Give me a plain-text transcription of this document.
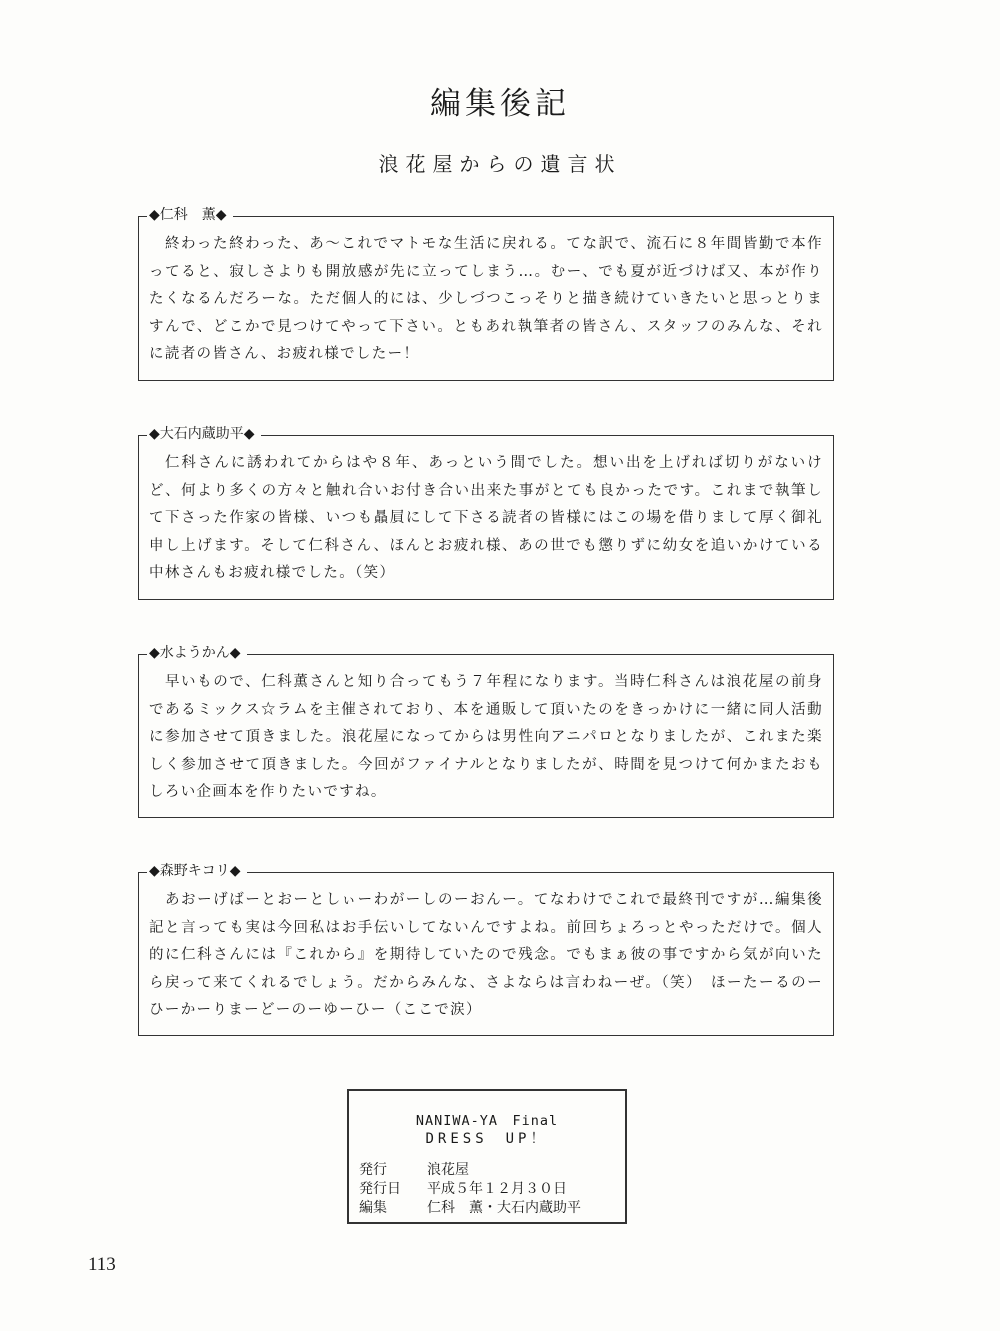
編集後記
浪花屋からの遺言状
◆仁科　薫◆
終わった終わった、あ〜これでマトモな生活に戻れる。てな訳で、流石に８年間皆勤で本作ってると、寂しさよりも開放感が先に立ってしまう…。むー、でも夏が近づけば又、本が作りたくなるんだろーな。ただ個人的には、少しづつこっそりと描き続けていきたいと思っとりますんで、どこかで見つけてやって下さい。ともあれ執筆者の皆さん、スタッフのみんな、それに読者の皆さん、お疲れ様でしたー！
◆大石内蔵助平◆
仁科さんに誘われてからはや８年、あっという間でした。想い出を上げれば切りがないけど、何より多くの方々と触れ合いお付き合い出来た事がとても良かったです。これまで執筆して下さった作家の皆様、いつも贔屓にして下さる読者の皆様にはこの場を借りまして厚く御礼申し上げます。そして仁科さん、ほんとお疲れ様、あの世でも懲りずに幼女を追いかけている中林さんもお疲れ様でした。（笑）
◆水ようかん◆
早いもので、仁科薫さんと知り合ってもう７年程になります。当時仁科さんは浪花屋の前身であるミックス☆ラムを主催されており、本を通販して頂いたのをきっかけに一緒に同人活動に参加させて頂きました。浪花屋になってからは男性向アニパロとなりましたが、これまた楽しく参加させて頂きました。今回がファイナルとなりましたが、時間を見つけて何かまたおもしろい企画本を作りたいですね。
◆森野キコリ◆
あおーげばーとおーとしぃーわがーしのーおんー。てなわけでこれで最終刊ですが…編集後記と言っても実は今回私はお手伝いしてないんですよね。前回ちょろっとやっただけで。個人的に仁科さんには『これから』を期待していたので残念。でもまぁ彼の事ですから気が向いたら戻って来てくれるでしょう。だからみんな、さよならは言わねーぜ。（笑）　ほーたーるのーひーかーりまーどーのーゆーひー（ここで涙）
NANIWA-YA　Final
DRESS　UP！
発行	浪花屋
発行日	平成５年１２月３０日
編集	仁科　薫・大石内蔵助平
113
